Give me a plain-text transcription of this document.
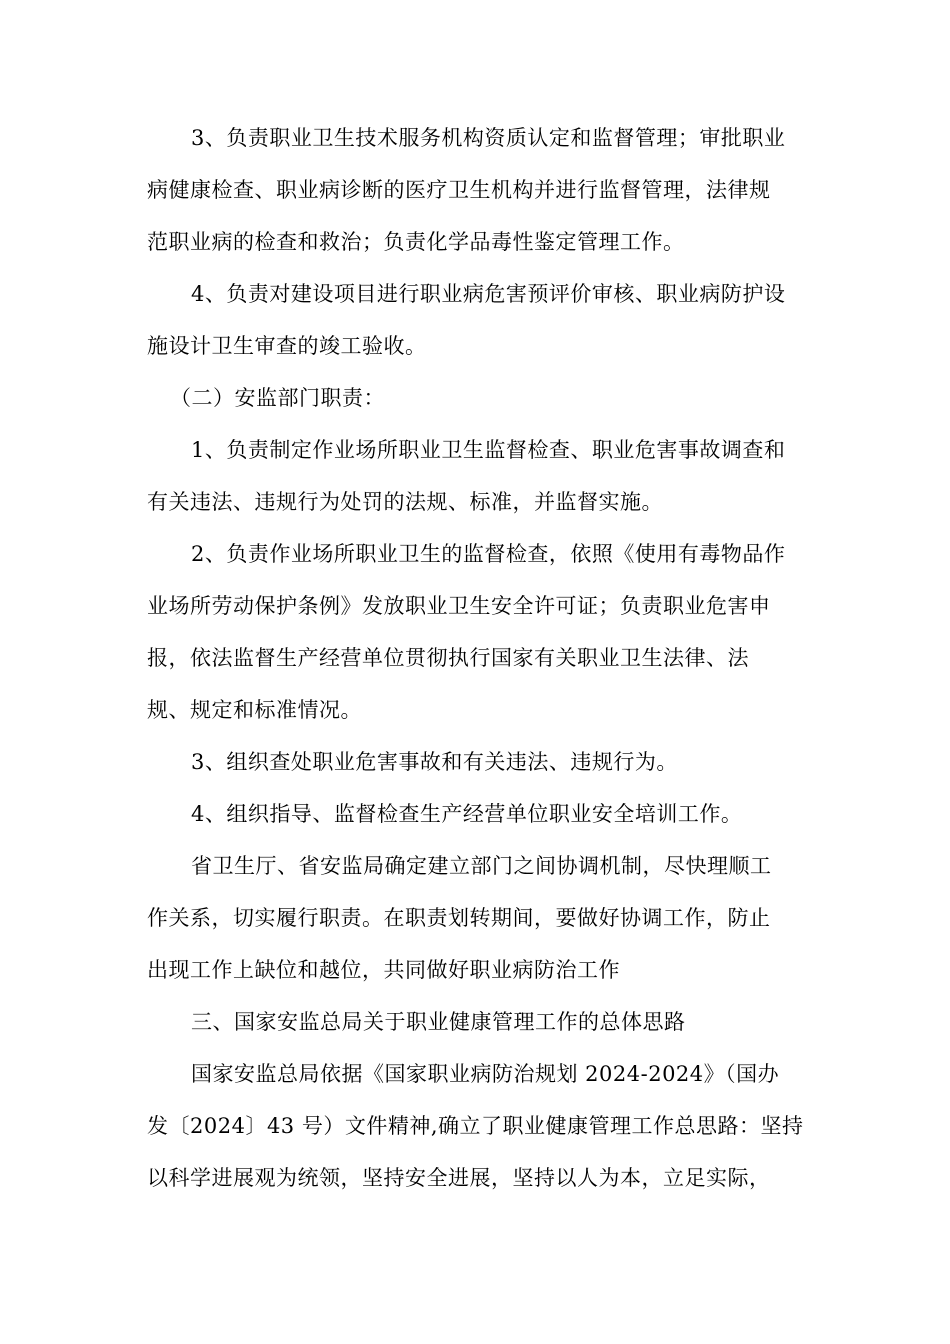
3、负责职业卫生技术服务机构资质认定和监督管理；审批职业
病健康检查、职业病诊断的医疗卫生机构并进行监督管理，法律规
范职业病的检查和救治；负责化学品毒性鉴定管理工作。
4、负责对建设项目进行职业病危害预评价审核、职业病防护设
施设计卫生审查的竣工验收。
（二）安监部门职责：
1、负责制定作业场所职业卫生监督检查、职业危害事故调查和
有关违法、违规行为处罚的法规、标准，并监督实施。
2、负责作业场所职业卫生的监督检查，依照《使用有毒物品作
业场所劳动保护条例》发放职业卫生安全许可证；负责职业危害申
报，依法监督生产经营单位贯彻执行国家有关职业卫生法律、法
规、规定和标准情况。
3、组织查处职业危害事故和有关违法、违规行为。
4、组织指导、监督检查生产经营单位职业安全培训工作。
省卫生厅、省安监局确定建立部门之间协调机制，尽快理顺工
作关系，切实履行职责。在职责划转期间，要做好协调工作，防止
出现工作上缺位和越位，共同做好职业病防治工作
三、国家安监总局关于职业健康管理工作的总体思路
国家安监总局依据《国家职业病防治规划 2024-2024》（国办
发〔2024〕43 号）文件精神,确立了职业健康管理工作总思路：坚持
以科学进展观为统领，坚持安全进展，坚持以人为本，立足实际，
